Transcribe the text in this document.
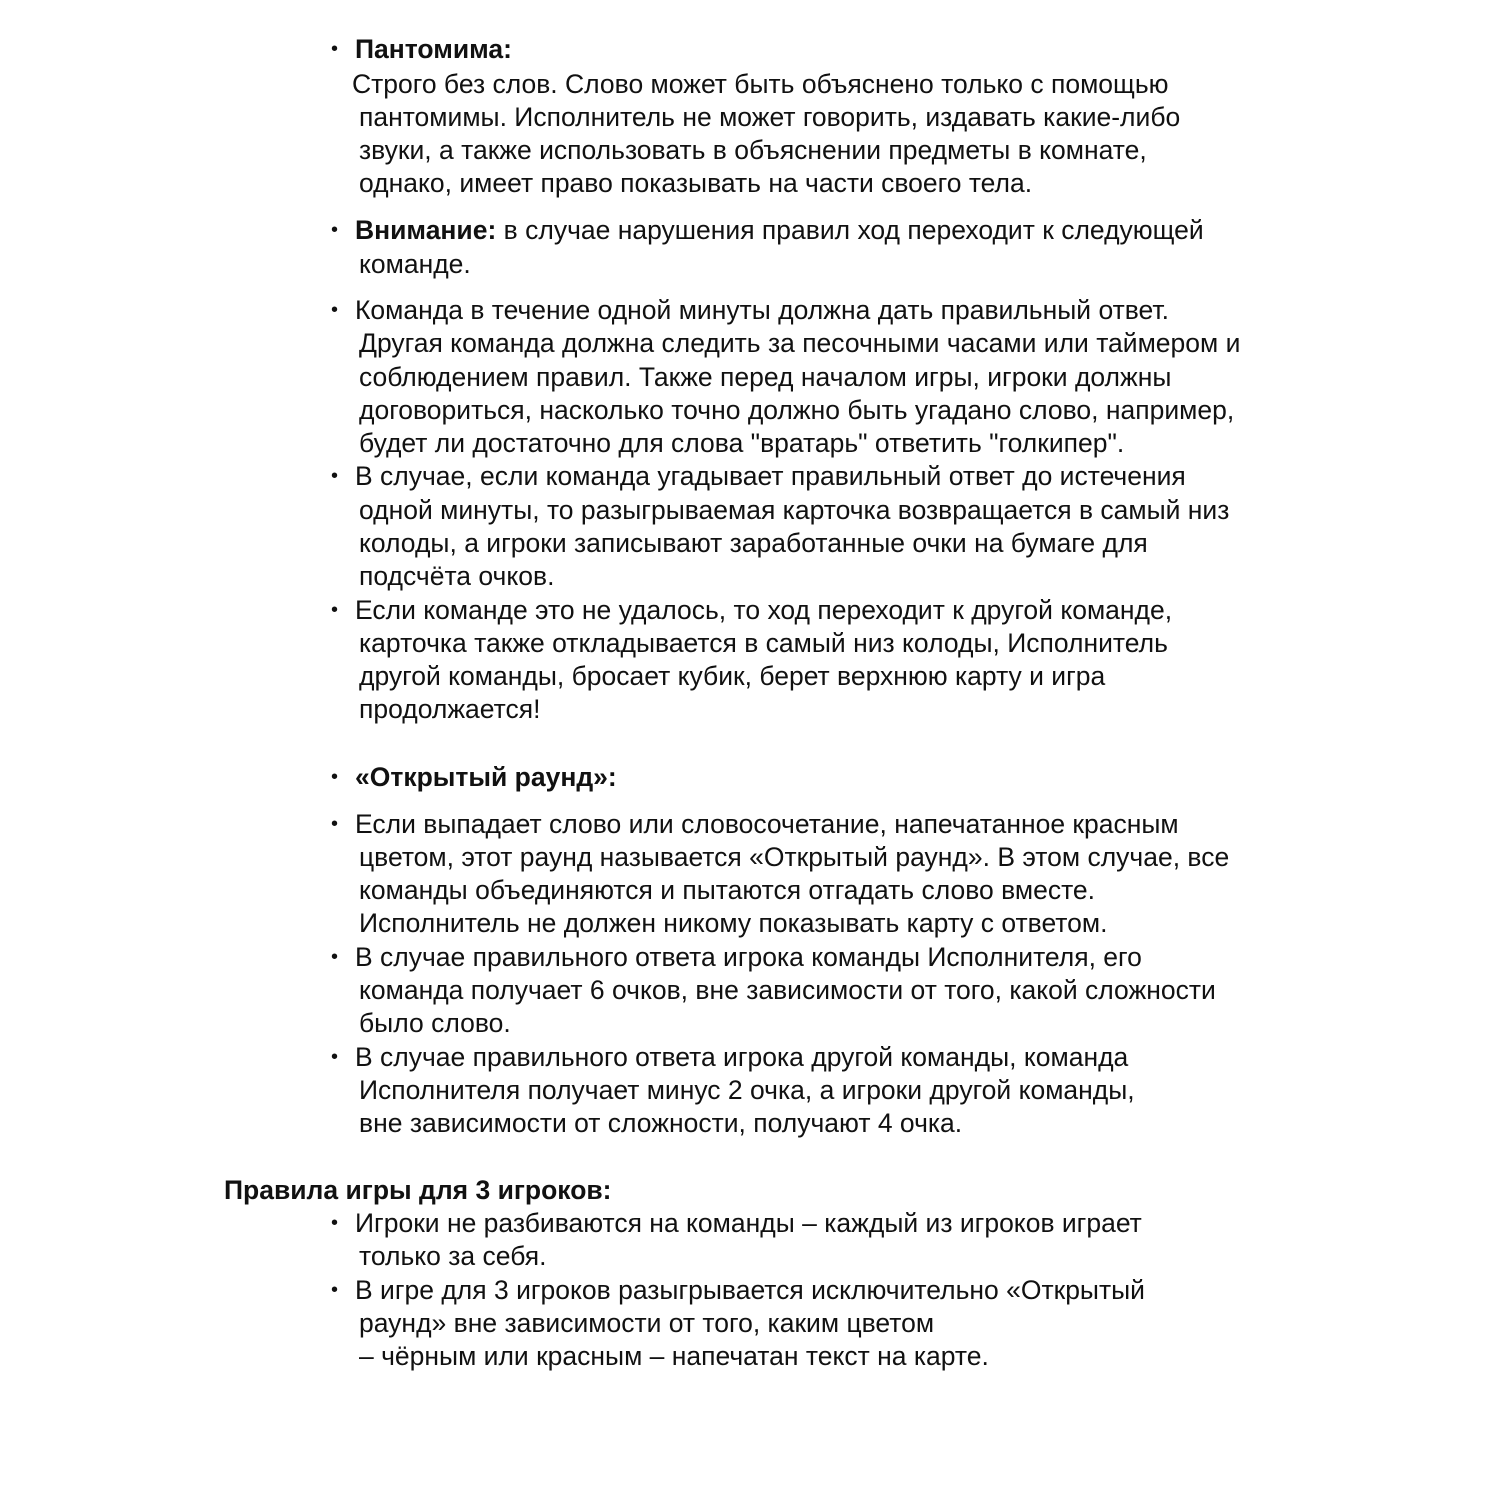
• Пантомима:
Строго без слов. Слово может быть объяснено только с помощью
пантомимы. Исполнитель не может говорить, издавать какие-либо
звуки, а также использовать в объяснении предметы в комнате,
однако, имеет право показывать на части своего тела.
• Внимание: в случае нарушения правил ход переходит к следующей
команде.
• Команда в течение одной минуты должна дать правильный ответ.
Другая команда должна следить за песочными часами или таймером и
соблюдением правил. Также перед началом игры, игроки должны
договориться, насколько точно должно быть угадано слово, например,
будет ли достаточно для слова "вратарь" ответить "голкипер".
• В случае, если команда угадывает правильный ответ до истечения
одной минуты, то разыгрываемая карточка возвращается в самый низ
колоды, а игроки записывают заработанные очки на бумаге для
подсчёта очков.
• Если команде это не удалось, то ход переходит к другой команде,
карточка также откладывается в самый низ колоды, Исполнитель
другой команды, бросает кубик, берет верхнюю карту и игра
продолжается!
• «Открытый раунд»:
• Если выпадает слово или словосочетание, напечатанное красным
цветом, этот раунд называется «Открытый раунд». В этом случае, все
команды объединяются и пытаются отгадать слово вместе.
Исполнитель не должен никому показывать карту с ответом.
• В случае правильного ответа игрока команды Исполнителя, его
команда получает 6 очков, вне зависимости от того, какой сложности
было слово.
• В случае правильного ответа игрока другой команды, команда
Исполнителя получает минус 2 очка, а игроки другой команды,
вне зависимости от сложности, получают 4 очка.
Правила игры для 3 игроков:
• Игроки не разбиваются на команды – каждый из игроков играет
только за себя.
• В игре для 3 игроков разыгрывается исключительно «Открытый
раунд» вне зависимости от того, каким цветом
– чёрным или красным – напечатан текст на карте.
